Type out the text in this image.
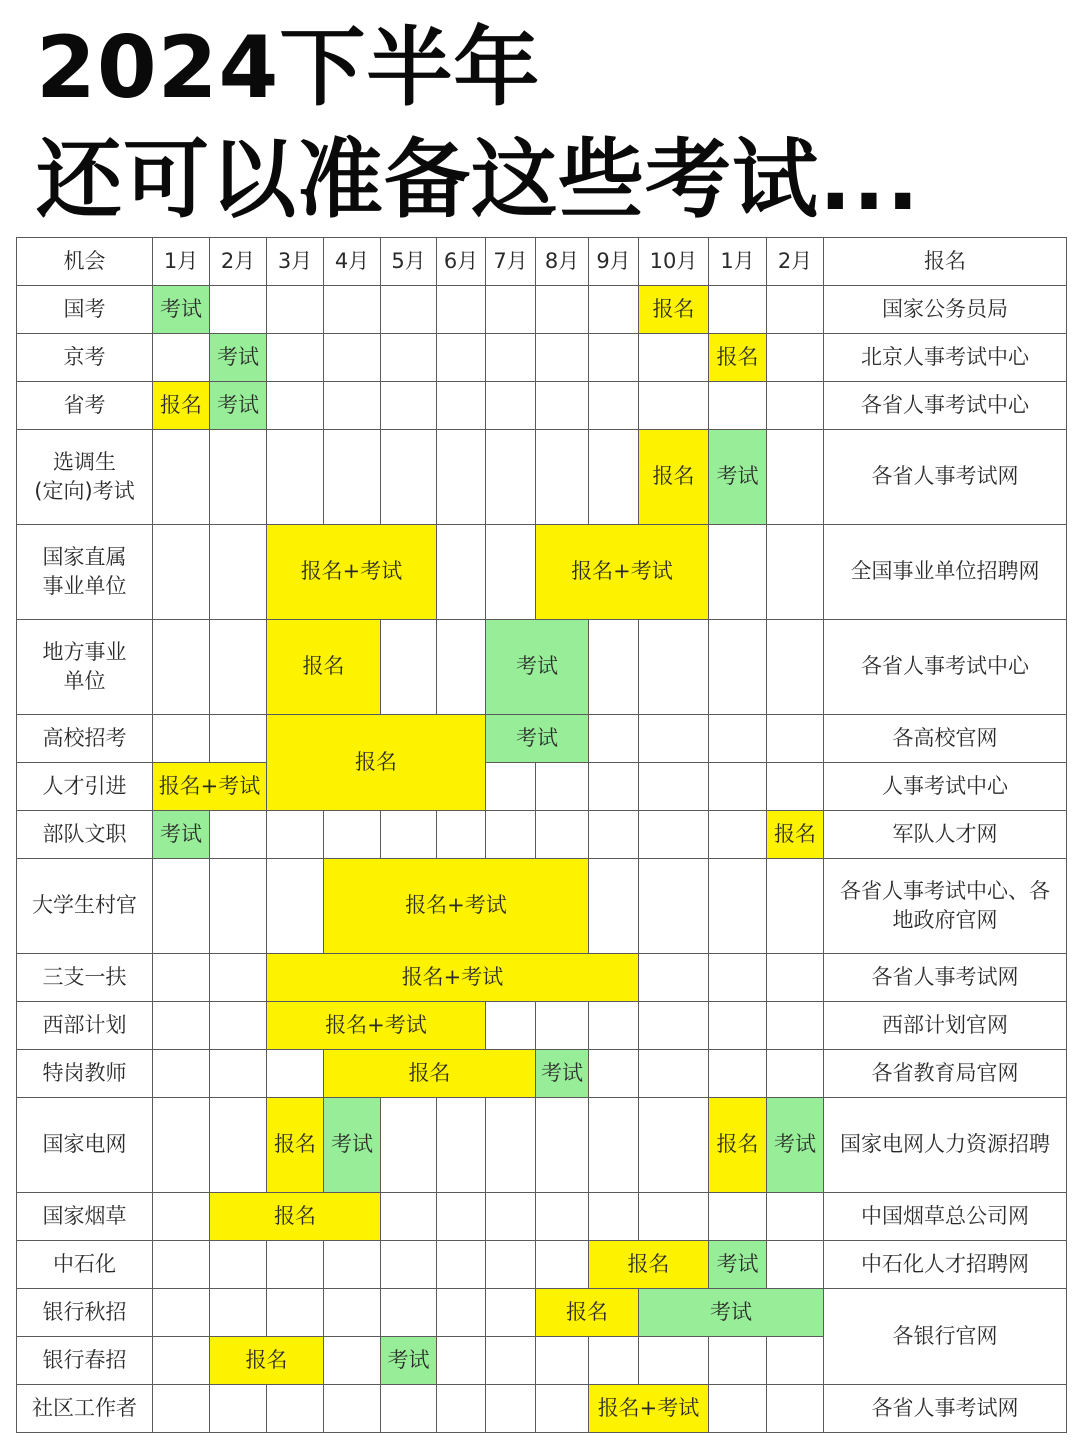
2024下半年
还可以准备这些考试...
机会	1月	2月	3月	4月	5月	6月	7月	8月	9月	10月	1月	2月	报名
国考	考试									报名			国家公务员局
京考		考试									报名		北京人事考试中心
省考	报名	考试											各省人事考试中心
选调生
(定向)考试										报名	考试		各省人事考试网
国家直属
事业单位			报名+考试					报名+考试					全国事业单位招聘网
地方事业
单位			报名				考试						各省人事考试中心
高校招考			报名				考试						各高校官网
人才引进	报名+考试												人事考试中心
部队文职	考试											报名	军队人才网
大学生村官				报名+考试									各省人事考试中心、各
地政府官网
三支一扶			报名+考试										各省人事考试网
西部计划			报名+考试										西部计划官网
特岗教师				报名				考试					各省教育局官网
国家电网			报名	考试							报名	考试	国家电网人力资源招聘
国家烟草		报名											中国烟草总公司网
中石化									报名		考试		中石化人才招聘网
银行秋招								报名		考试			各银行官网
银行春招		报名			考试								
社区工作者									报名+考试				各省人事考试网
